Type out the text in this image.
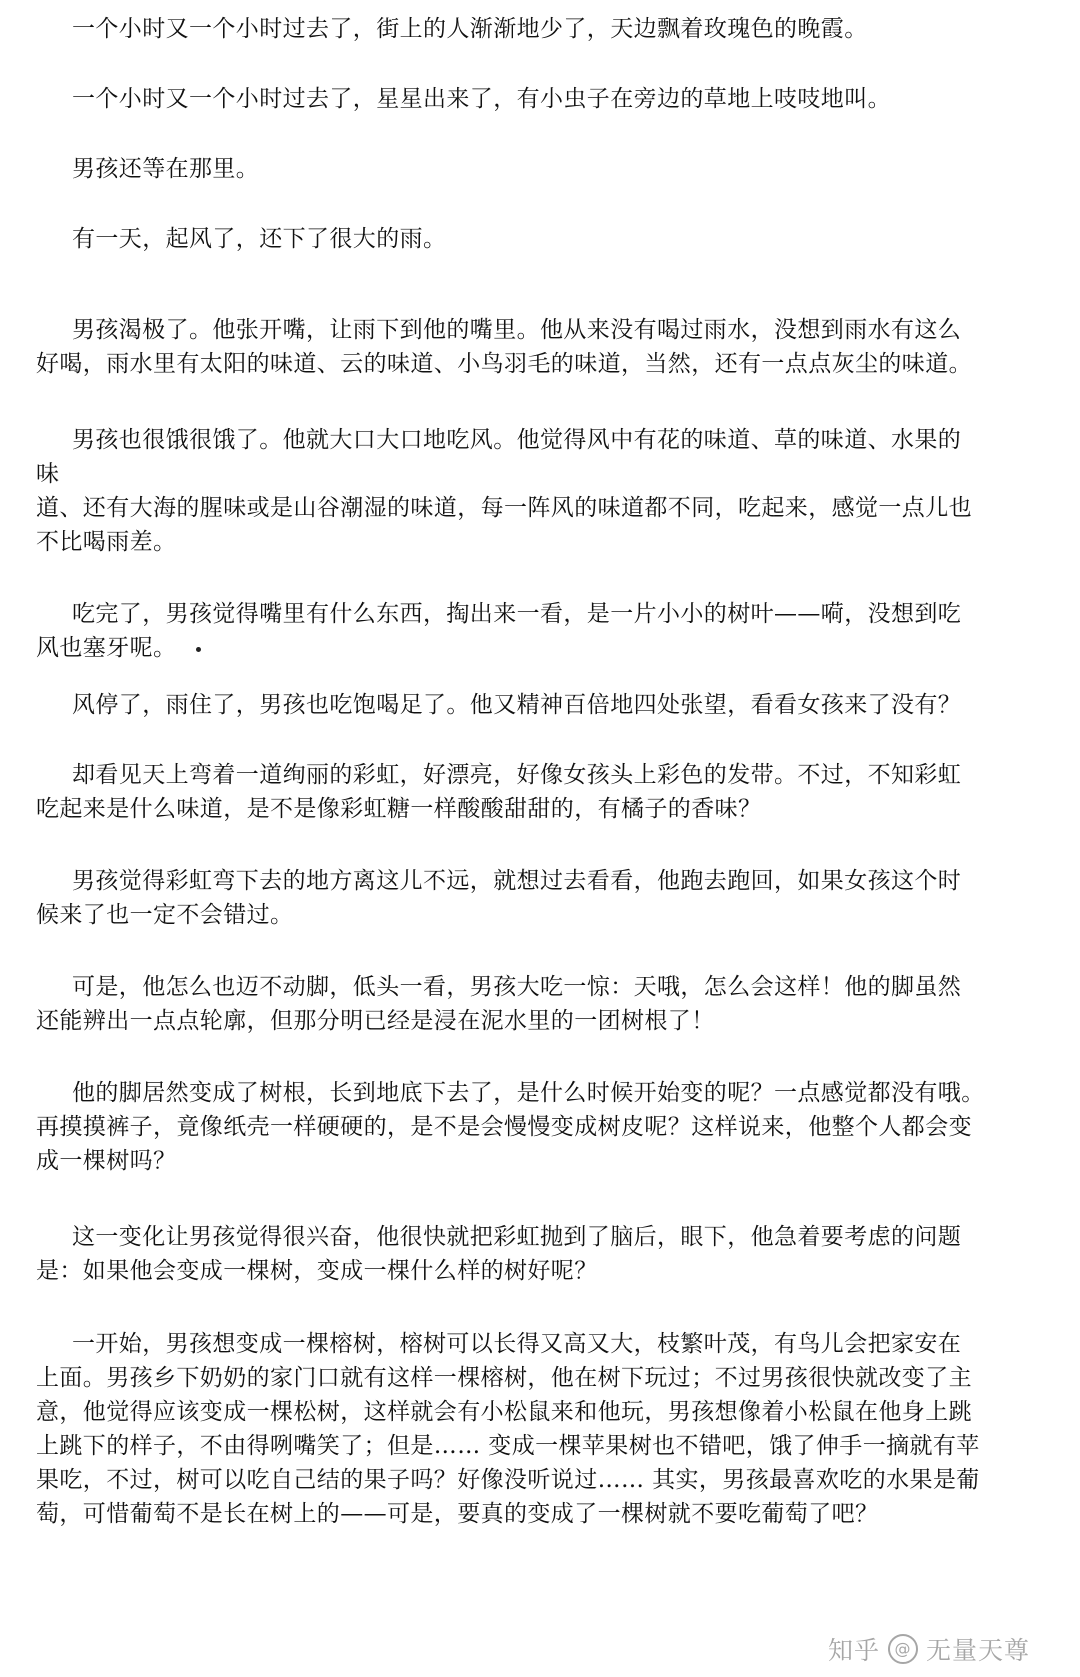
一个小时又一个小时过去了，街上的人渐渐地少了，天边飘着玫瑰色的晚霞。

一个小时又一个小时过去了，星星出来了，有小虫子在旁边的草地上吱吱地叫。

男孩还等在那里。

有一天，起风了，还下了很大的雨。

男孩渴极了。他张开嘴，让雨下到他的嘴里。他从来没有喝过雨水，没想到雨水有这么
好喝，雨水里有太阳的味道、云的味道、小鸟羽毛的味道，当然，还有一点点灰尘的味道。

男孩也很饿很饿了。他就大口大口地吃风。他觉得风中有花的味道、草的味道、水果的
味
道、还有大海的腥味或是山谷潮湿的味道，每一阵风的味道都不同，吃起来，感觉一点儿也
不比喝雨差。

吃完了，男孩觉得嘴里有什么东西，掏出来一看，是一片小小的树叶——嗬，没想到吃
风也塞牙呢。

风停了，雨住了，男孩也吃饱喝足了。他又精神百倍地四处张望，看看女孩来了没有？

却看见天上弯着一道绚丽的彩虹，好漂亮，好像女孩头上彩色的发带。不过，不知彩虹
吃起来是什么味道，是不是像彩虹糖一样酸酸甜甜的，有橘子的香味？

男孩觉得彩虹弯下去的地方离这儿不远，就想过去看看，他跑去跑回，如果女孩这个时
候来了也一定不会错过。

可是，他怎么也迈不动脚，低头一看，男孩大吃一惊：天哦，怎么会这样！他的脚虽然
还能辨出一点点轮廓，但那分明已经是浸在泥水里的一团树根了！

他的脚居然变成了树根，长到地底下去了，是什么时候开始变的呢？一点感觉都没有哦。
再摸摸裤子，竟像纸壳一样硬硬的，是不是会慢慢变成树皮呢？这样说来，他整个人都会变
成一棵树吗？

这一变化让男孩觉得很兴奋，他很快就把彩虹抛到了脑后，眼下，他急着要考虑的问题
是：如果他会变成一棵树，变成一棵什么样的树好呢？

一开始，男孩想变成一棵榕树，榕树可以长得又高又大，枝繁叶茂，有鸟儿会把家安在
上面。男孩乡下奶奶的家门口就有这样一棵榕树，他在树下玩过；不过男孩很快就改变了主
意，他觉得应该变成一棵松树，这样就会有小松鼠来和他玩，男孩想像着小松鼠在他身上跳
上跳下的样子，不由得咧嘴笑了；但是…… 变成一棵苹果树也不错吧，饿了伸手一摘就有苹
果吃，不过，树可以吃自己结的果子吗？好像没听说过…… 其实，男孩最喜欢吃的水果是葡
萄，可惜葡萄不是长在树上的——可是，要真的变成了一棵树就不要吃葡萄了吧？

知乎 @ 无量天尊
